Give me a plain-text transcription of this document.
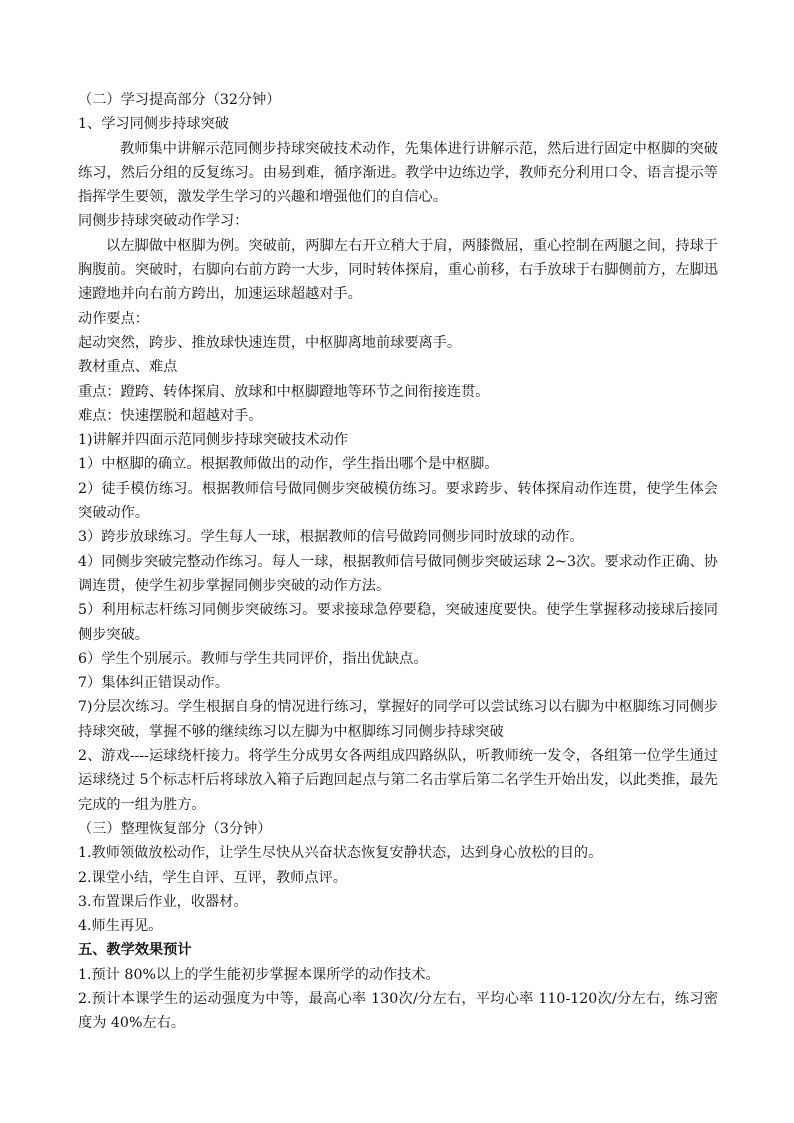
（二）学习提高部分（32分钟）
1、学习同侧步持球突破
教师集中讲解示范同侧步持球突破技术动作，先集体进行讲解示范，然后进行固定中枢脚的突破练习，然后分组的反复练习。由易到难，循序渐进。教学中边练边学，教师充分利用口令、语言提示等指挥学生要领，激发学生学习的兴趣和增强他们的自信心。
同侧步持球突破动作学习：
以左脚做中枢脚为例。突破前，两脚左右开立稍大于肩，两膝微屈，重心控制在两腿之间，持球于胸腹前。突破时，右脚向右前方跨一大步，同时转体探肩，重心前移，右手放球于右脚侧前方，左脚迅速蹬地并向右前方跨出，加速运球超越对手。
动作要点：
起动突然，跨步、推放球快速连贯，中枢脚离地前球要离手。
教材重点、难点
重点：蹬跨、转体探肩、放球和中枢脚蹬地等环节之间衔接连贯。
难点：快速摆脱和超越对手。
1)讲解并四面示范同侧步持球突破技术动作
1）中枢脚的确立。根据教师做出的动作，学生指出哪个是中枢脚。
2）徒手模仿练习。根据教师信号做同侧步突破模仿练习。要求跨步、转体探肩动作连贯，使学生体会突破动作。
3）跨步放球练习。学生每人一球，根据教师的信号做跨同侧步同时放球的动作。
4）同侧步突破完整动作练习。每人一球，根据教师信号做同侧步突破运球 2~3次。要求动作正确、协调连贯，使学生初步掌握同侧步突破的动作方法。
5）利用标志杆练习同侧步突破练习。要求接球急停要稳，突破速度要快。使学生掌握移动接球后接同侧步突破。
6）学生个别展示。教师与学生共同评价，指出优缺点。
7）集体纠正错误动作。
7)分层次练习。学生根据自身的情况进行练习，掌握好的同学可以尝试练习以右脚为中枢脚练习同侧步持球突破，掌握不够的继续练习以左脚为中枢脚练习同侧步持球突破
2、游戏----运球绕杆接力。将学生分成男女各两组成四路纵队，听教师统一发令，各组第一位学生通过运球绕过 5个标志杆后将球放入箱子后跑回起点与第二名击掌后第二名学生开始出发，以此类推，最先完成的一组为胜方。
（三）整理恢复部分（3分钟）
1.教师领做放松动作，让学生尽快从兴奋状态恢复安静状态，达到身心放松的目的。
2.课堂小结，学生自评、互评，教师点评。
3.布置课后作业，收器材。
4.师生再见。
五、教学效果预计
1.预计 80%以上的学生能初步掌握本课所学的动作技术。
2.预计本课学生的运动强度为中等，最高心率 130次/分左右，平均心率 110-120次/分左右，练习密度为 40%左右。
